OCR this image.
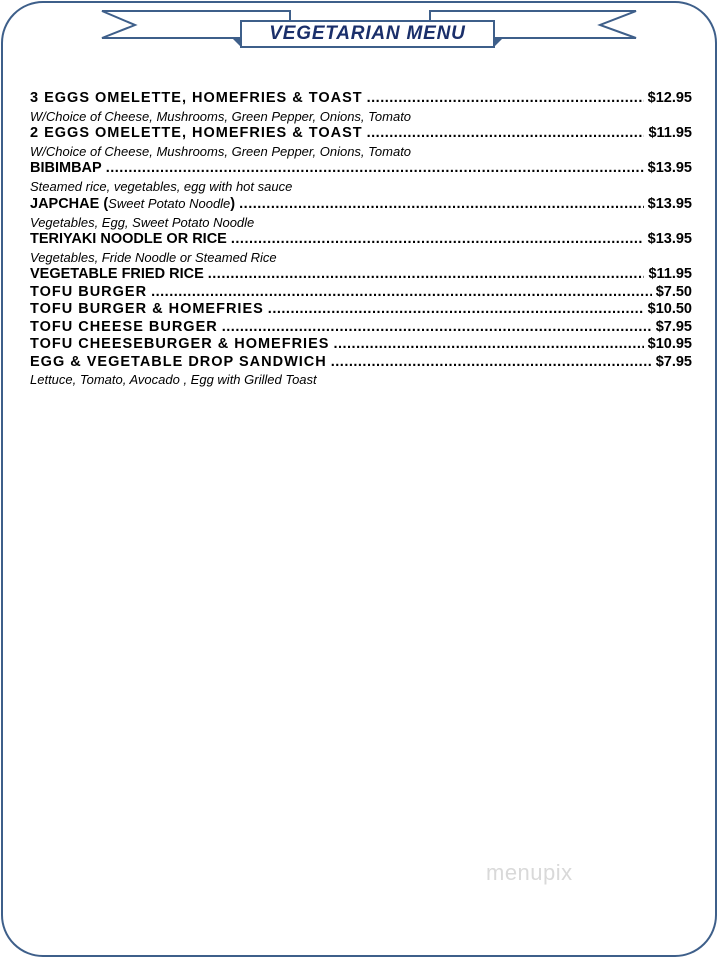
VEGETARIAN MENU
3 EGGS OMELETTE, HOMEFRIES & TOAST .....	$12.95
W/Choice of Cheese, Mushrooms, Green Pepper, Onions, Tomato
2 EGGS OMELETTE, HOMEFRIES & TOAST .....	$11.95
W/Choice of Cheese, Mushrooms, Green Pepper, Onions, Tomato
BIBIMBAP .....	$13.95
Steamed rice, vegetables, egg with hot sauce
JAPCHAE (Sweet Potato Noodle) .....	$13.95
Vegetables, Egg, Sweet Potato Noodle
TERIYAKI NOODLE OR RICE .....	$13.95
Vegetables, Fride Noodle or Steamed Rice
VEGETABLE FRIED RICE .....	$11.95
TOFU BURGER .....	$7.50
TOFU BURGER & HOMEFRIES .....	$10.50
TOFU CHEESE BURGER .....	$7.95
TOFU CHEESEBURGER & HOMEFRIES .....	$10.95
EGG & VEGETABLE DROP SANDWICH .....	$7.95
Lettuce, Tomato, Avocado , Egg with Grilled Toast
menupix
